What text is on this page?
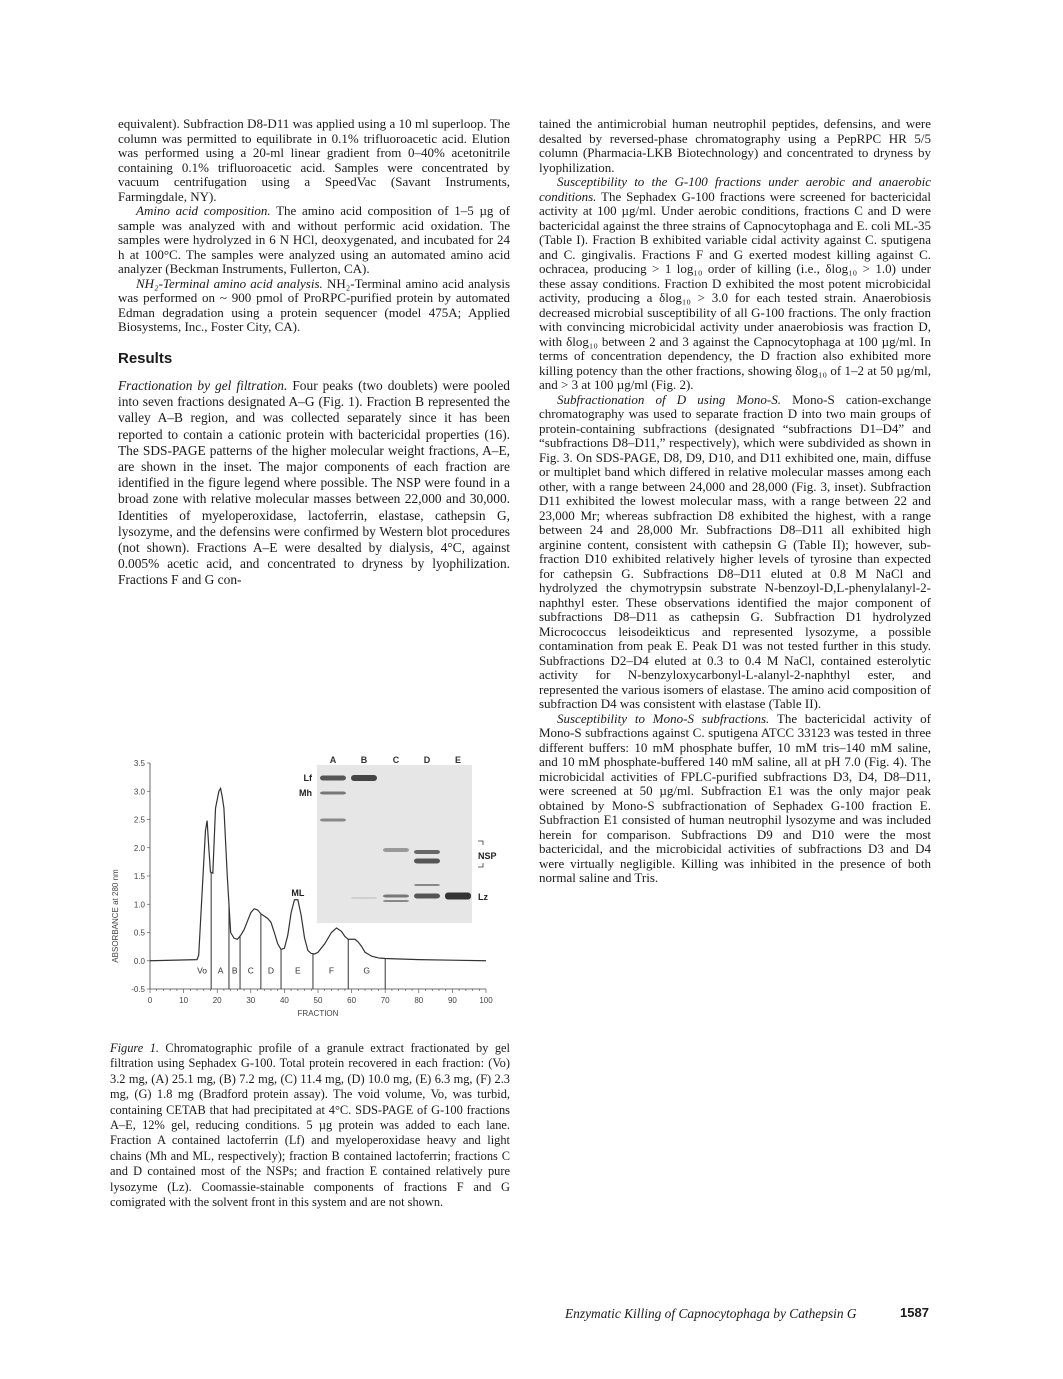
equivalent). Subfraction D8-D11 was applied using a 10 ml superloop. The column was permitted to equilibrate in 0.1% trifluoroacetic acid. Elution was performed using a 20-ml linear gradient from 0–40% acetonitrile containing 0.1% trifluoroacetic acid. Samples were concentrated by vacuum centrifugation using a SpeedVac (Savant Instruments, Farmingdale, NY).

Amino acid composition. The amino acid composition of 1–5 µg of sample was analyzed with and without performic acid oxidation. The samples were hydrolyzed in 6 N HCl, deoxygenated, and incubated for 24 h at 100°C. The samples were analyzed using an automated amino acid analyzer (Beckman Instruments, Fullerton, CA).

NH₂-Terminal amino acid analysis. NH₂-Terminal amino acid analysis was performed on ~ 900 pmol of ProRPC-purified protein by automated Edman degradation using a protein sequencer (model 475A; Applied Biosystems, Inc., Foster City, CA).

Results

Fractionation by gel filtration. Four peaks (two doublets) were pooled into seven fractions designated A–G (Fig. 1). Fraction B represented the valley A–B region, and was collected separately since it has been reported to contain a cationic protein with bactericidal properties (16). The SDS-PAGE patterns of the higher molecular weight fractions, A–E, are shown in the inset. The major components of each fraction are identified in the figure legend where possible. The NSP were found in a broad zone with relative molecular masses between 22,000 and 30,000. Identities of myeloperoxidase, lactoferrin, elastase, cathepsin G, lysozyme, and the defensins were confirmed by Western blot procedures (not shown). Fractions A–E were desalted by dialysis, 4°C, against 0.005% acetic acid, and concentrated to dryness by lyophilization. Fractions F and G con-

A	B	C	D	E
Lf
Mh
NSP
Lz
ML
0	10	20	30	40	50	60	70	80	90	100
3.5
3.0
2.5
2.0
1.5
1.0
0.5
0.0
-0.5
FRACTION
ABSORBANCE at 280 nm
Vo A B C D E	F	G
Figure 1. Chromatographic profile of a granule extract fractionated by gel filtration using Sephadex G-100. Total protein recovered in each fraction: (Vo) 3.2 mg, (A) 25.1 mg, (B) 7.2 mg, (C) 11.4 mg, (D) 10.0 mg, (E) 6.3 mg, (F) 2.3 mg, (G) 1.8 mg (Bradford protein assay). The void volume, Vo, was turbid, containing CETAB that had precipitated at 4°C. SDS-PAGE of G-100 fractions A–E, 12% gel, reducing conditions. 5 µg protein was added to each lane. Fraction A contained lactoferrin (Lf) and myeloperoxidase heavy and light chains (Mh and ML, respectively); fraction B contained lactoferrin; fractions C and D contained most of the NSPs; and fraction E contained relatively pure lysozyme (Lz). Coomassie-stainable components of fractions F and G comigrated with the solvent front in this system and are not shown.

tained the antimicrobial human neutrophil peptides, defensins, and were desalted by reversed-phase chromatography using a PepRPC HR 5/5 column (Pharmacia-LKB Biotechnology) and concentrated to dryness by lyophilization.

Susceptibility to the G-100 fractions under aerobic and anaerobic conditions. The Sephadex G-100 fractions were screened for bactericidal activity at 100 µg/ml. Under aerobic conditions, fractions C and D were bactericidal against the three strains of Capnocytophaga and E. coli ML-35 (Table I). Fraction B exhibited variable cidal activity against C. sputigena and C. gingivalis. Fractions F and G exerted modest killing against C. ochracea, producing > 1 log₁₀ order of killing (i.e., δlog₁₀ > 1.0) under these assay conditions. Fraction D exhibited the most potent microbicidal activity, producing a δlog₁₀ > 3.0 for each tested strain. Anaerobiosis decreased microbial susceptibility of all G-100 fractions. The only fraction with convincing microbicidal activity under anaerobiosis was fraction D, with δlog₁₀ between 2 and 3 against the Capnocytophaga at 100 µg/ml. In terms of concentration dependency, the D fraction also exhibited more killing potency than the other fractions, showing δlog₁₀ of 1–2 at 50 µg/ml, and > 3 at 100 µg/ml (Fig. 2).

Subfractionation of D using Mono-S. Mono-S cation-exchange chromatography was used to separate fraction D into two main groups of protein-containing subfractions (designated “subfractions D1–D4” and “subfractions D8–D11,” respectively), which were subdivided as shown in Fig. 3. On SDS-PAGE, D8, D9, D10, and D11 exhibited one, main, diffuse or multiplet band which differed in relative molecular masses among each other, with a range between 24,000 and 28,000 (Fig. 3, inset). Subfraction D11 exhibited the lowest molecular mass, with a range between 22 and 23,000 Mr; whereas subfraction D8 exhibited the highest, with a range between 24 and 28,000 Mr. Subfractions D8–D11 all exhibited high arginine content, consistent with cathepsin G (Table II); however, subfraction D10 exhibited relatively higher levels of tyrosine than expected for cathepsin G. Subfractions D8–D11 eluted at 0.8 M NaCl and hydrolyzed the chymotrypsin substrate N-benzoyl-D,L-phenylalanyl-2-naphthyl ester. These observations identified the major component of subfractions D8–D11 as cathepsin G. Subfraction D1 hydrolyzed Micrococcus leisodeikticus and represented lysozyme, a possible contamination from peak E. Peak D1 was not tested further in this study. Subfractions D2–D4 eluted at 0.3 to 0.4 M NaCl, contained esterolytic activity for N-benzyloxycarbonyl-L-alanyl-2-naphthyl ester, and represented the various isomers of elastase. The amino acid composition of subfraction D4 was consistent with elastase (Table II).

Susceptibility to Mono-S subfractions. The bactericidal activity of Mono-S subfractions against C. sputigena ATCC 33123 was tested in three different buffers: 10 mM phosphate buffer, 10 mM tris–140 mM saline, and 10 mM phosphate-buffered 140 mM saline, all at pH 7.0 (Fig. 4). The microbicidal activities of FPLC-purified subfractions D3, D4, D8–D11, were screened at 50 µg/ml. Subfraction E1 was the only major peak obtained by Mono-S subfractionation of Sephadex G-100 fraction E. Subfraction E1 consisted of human neutrophil lysozyme and was included herein for comparison. Subfractions D9 and D10 were the most bactericidal, and the microbicidal activities of subfractions D3 and D4 were virtually negligible. Killing was inhibited in the presence of both normal saline and Tris.

Enzymatic Killing of Capnocytophaga by Cathepsin G	1587
